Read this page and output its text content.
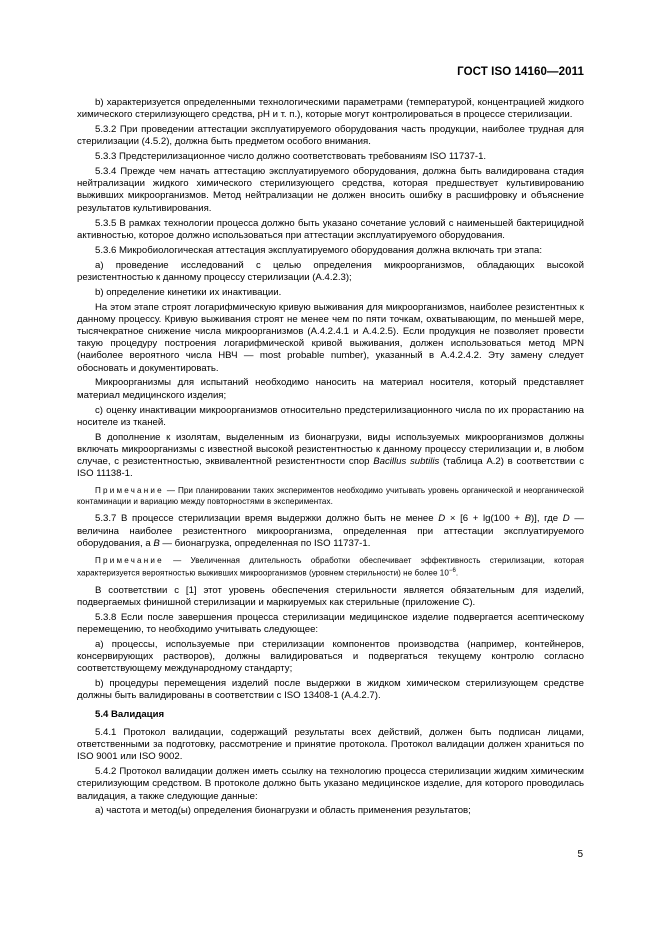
ГОСТ ISO 14160—2011

b) характеризуется определенными технологическими параметрами (температурой, концентрацией жидкого химического стерилизующего средства, pH и т. п.), которые могут контролироваться в процессе стерилизации.

5.3.2 При проведении аттестации эксплуатируемого оборудования часть продукции, наиболее трудная для стерилизации (4.5.2), должна быть предметом особого внимания.

5.3.3 Предстерилизационное число должно соответствовать требованиям ISO 11737-1.

5.3.4 Прежде чем начать аттестацию эксплуатируемого оборудования, должна быть валидирована стадия нейтрализации жидкого химического стерилизующего средства, которая предшествует культивированию выживших микроорганизмов. Метод нейтрализации не должен вносить ошибку в расшифровку и объяснение результатов культивирования.

5.3.5 В рамках технологии процесса должно быть указано сочетание условий с наименьшей бактерицидной активностью, которое должно использоваться при аттестации эксплуатируемого оборудования.

5.3.6 Микробиологическая аттестация эксплуатируемого оборудования должна включать три этапа:

a) проведение исследований с целью определения микроорганизмов, обладающих высокой резистентностью к данному процессу стерилизации (А.4.2.3);

b) определение кинетики их инактивации.

На этом этапе строят логарифмическую кривую выживания для микроорганизмов, наиболее резистентных к данному процессу. Кривую выживания строят не менее чем по пяти точкам, охватывающим, по меньшей мере, тысячекратное снижение числа микроорганизмов (А.4.2.4.1 и А.4.2.5). Если продукция не позволяет провести такую процедуру построения логарифмической кривой выживания, должен использоваться метод MPN (наиболее вероятного числа НВЧ — most probable number), указанный в А.4.2.4.2. Эту замену следует обосновать и документировать.

Микроорганизмы для испытаний необходимо наносить на материал носителя, который представляет материал медицинского изделия;

c) оценку инактивации микроорганизмов относительно предстерилизационного числа по их прорастанию на носителе из тканей.

В дополнение к изолятам, выделенным из бионагрузки, виды используемых микроорганизмов должны включать микроорганизмы с известной высокой резистентностью к данному процессу стерилизации и, в любом случае, с резистентностью, эквивалентной резистентности спор Bacillus subtilis (таблица А.2) в соответствии с ISO 11138-1.

Примечание — При планировании таких экспериментов необходимо учитывать уровень органической и неорганической контаминации и вариацию между повторностями в экспериментах.

5.3.7 В процессе стерилизации время выдержки должно быть не менее D × [6 + lg(100 + B)], где D — величина наиболее резистентного микроорганизма, определенная при аттестации эксплуатируемого оборудования, а B — бионагрузка, определенная по ISO 11737-1.

Примечание — Увеличенная длительность обработки обеспечивает эффективность стерилизации, которая характеризуется вероятностью выживших микроорганизмов (уровнем стерильности) не более $10^{-6}$.

В соответствии с [1] этот уровень обеспечения стерильности является обязательным для изделий, подвергаемых финишной стерилизации и маркируемых как стерильные (приложение С).

5.3.8 Если после завершения процесса стерилизации медицинское изделие подвергается асептическому перемещению, то необходимо учитывать следующее:

a) процессы, используемые при стерилизации компонентов производства (например, контейнеров, консервирующих растворов), должны валидироваться и подвергаться текущему контролю согласно соответствующему международному стандарту;

b) процедуры перемещения изделий после выдержки в жидком химическом стерилизующем средстве должны быть валидированы в соответствии с ISO 13408-1 (А.4.2.7).

5.4 Валидация

5.4.1 Протокол валидации, содержащий результаты всех действий, должен быть подписан лицами, ответственными за подготовку, рассмотрение и принятие протокола. Протокол валидации должен храниться по ISO 9001 или ISO 9002.

5.4.2 Протокол валидации должен иметь ссылку на технологию процесса стерилизации жидким химическим стерилизующим средством. В протоколе должно быть указано медицинское изделие, для которого проводилась валидация, а также следующие данные:

a) частота и метод(ы) определения бионагрузки и область применения результатов;

5
